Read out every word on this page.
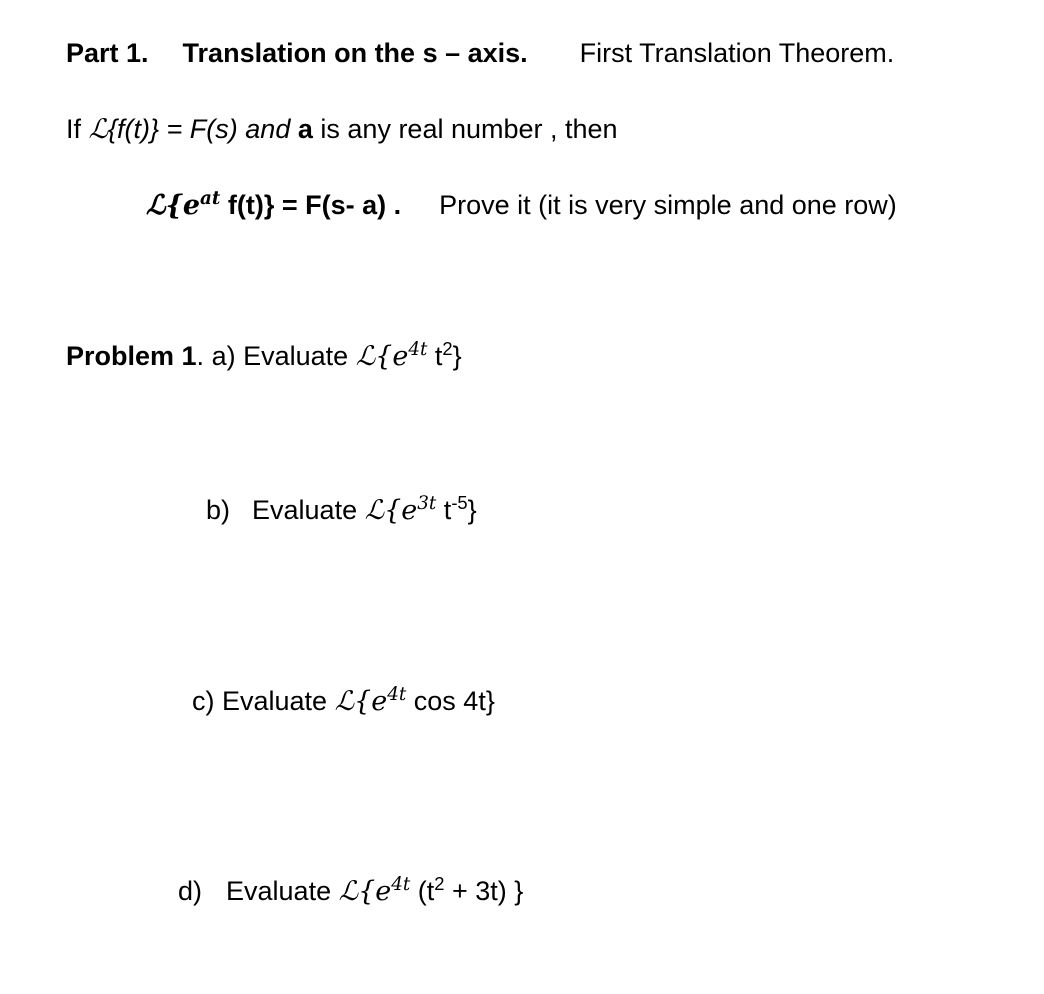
Part 1. Translation on the s – axis. First Translation Theorem.
If ℒ{f(t)} = F(s) and a is any real number , then
$ℒ\{e^{at}$ f(t)} = F(s- a) . Prove it (it is very simple and one row)
Problem 1. a) Evaluate $ℒ\{e^{4t}$ $t^2$}
b) Evaluate $ℒ\{e^{3t}$ $t^{-5}$}
c) Evaluate $ℒ\{e^{4t}$ cos 4t}
d) Evaluate $ℒ\{e^{4t}$ $(t^2 + 3t)$ }
